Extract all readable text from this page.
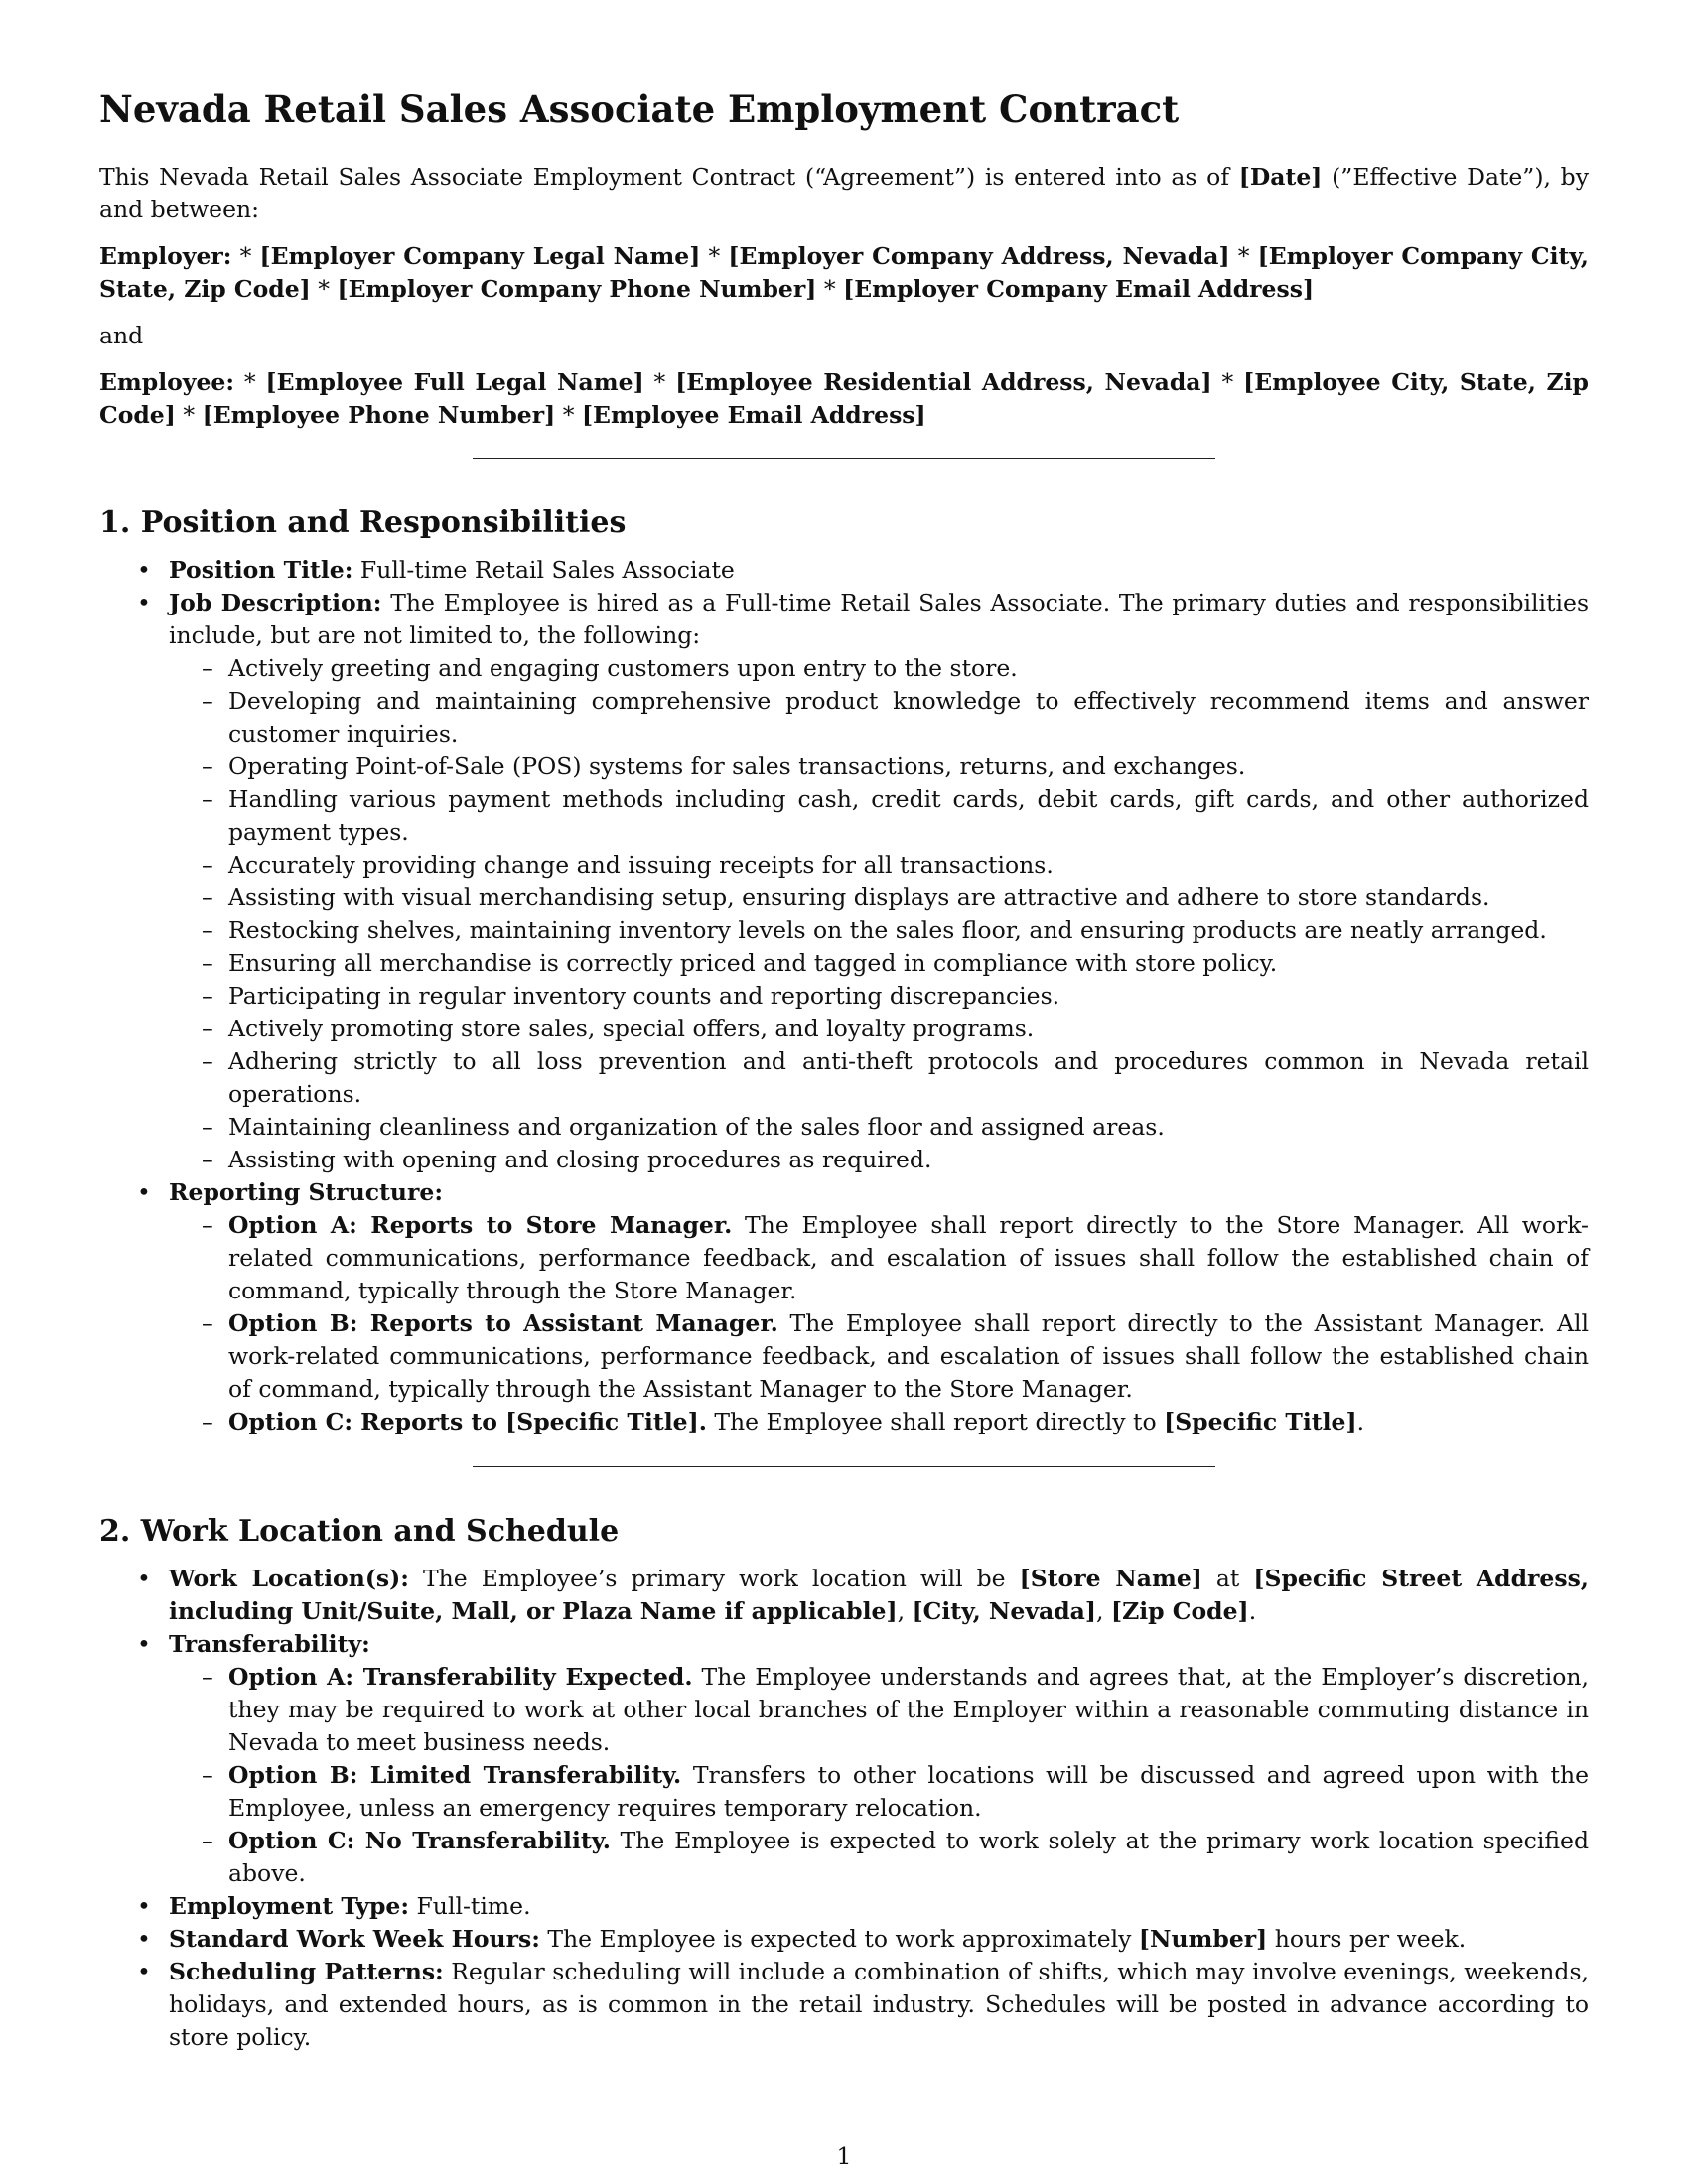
Nevada Retail Sales Associate Employment Contract

This Nevada Retail Sales Associate Employment Contract (“Agreement”) is entered into as of [Date] (”Effective Date”), by and between:

Employer: * [Employer Company Legal Name] * [Employer Company Address, Nevada] * [Employer Company City, State, Zip Code] * [Employer Company Phone Number] * [Employer Company Email Address]

and

Employee: * [Employee Full Legal Name] * [Employee Residential Address, Nevada] * [Employee City, State, Zip Code] * [Employee Phone Number] * [Employee Email Address]

1. Position and Responsibilities
• Position Title: Full-time Retail Sales Associate
• Job Description: The Employee is hired as a Full-time Retail Sales Associate. The primary duties and responsibilities include, but are not limited to, the following:
– Actively greeting and engaging customers upon entry to the store.
– Developing and maintaining comprehensive product knowledge to effectively recommend items and answer customer inquiries.
– Operating Point-of-Sale (POS) systems for sales transactions, returns, and exchanges.
– Handling various payment methods including cash, credit cards, debit cards, gift cards, and other authorized payment types.
– Accurately providing change and issuing receipts for all transactions.
– Assisting with visual merchandising setup, ensuring displays are attractive and adhere to store standards.
– Restocking shelves, maintaining inventory levels on the sales floor, and ensuring products are neatly arranged.
– Ensuring all merchandise is correctly priced and tagged in compliance with store policy.
– Participating in regular inventory counts and reporting discrepancies.
– Actively promoting store sales, special offers, and loyalty programs.
– Adhering strictly to all loss prevention and anti-theft protocols and procedures common in Nevada retail operations.
– Maintaining cleanliness and organization of the sales floor and assigned areas.
– Assisting with opening and closing procedures as required.
• Reporting Structure:
– Option A: Reports to Store Manager. The Employee shall report directly to the Store Manager. All work-related communications, performance feedback, and escalation of issues shall follow the established chain of command, typically through the Store Manager.
– Option B: Reports to Assistant Manager. The Employee shall report directly to the Assistant Manager. All work-related communications, performance feedback, and escalation of issues shall follow the established chain of command, typically through the Assistant Manager to the Store Manager.
– Option C: Reports to [Specific Title]. The Employee shall report directly to [Specific Title].
2. Work Location and Schedule
• Work Location(s): The Employee’s primary work location will be [Store Name] at [Specific Street Address, including Unit/Suite, Mall, or Plaza Name if applicable], [City, Nevada], [Zip Code].
• Transferability:
– Option A: Transferability Expected. The Employee understands and agrees that, at the Employer’s discretion, they may be required to work at other local branches of the Employer within a reasonable commuting distance in Nevada to meet business needs.
– Option B: Limited Transferability. Transfers to other locations will be discussed and agreed upon with the Employee, unless an emergency requires temporary relocation.
– Option C: No Transferability. The Employee is expected to work solely at the primary work location specified above.
• Employment Type: Full-time.
• Standard Work Week Hours: The Employee is expected to work approximately [Number] hours per week.
• Scheduling Patterns: Regular scheduling will include a combination of shifts, which may involve evenings, weekends, holidays, and extended hours, as is common in the retail industry. Schedules will be posted in advance according to store policy.
1
